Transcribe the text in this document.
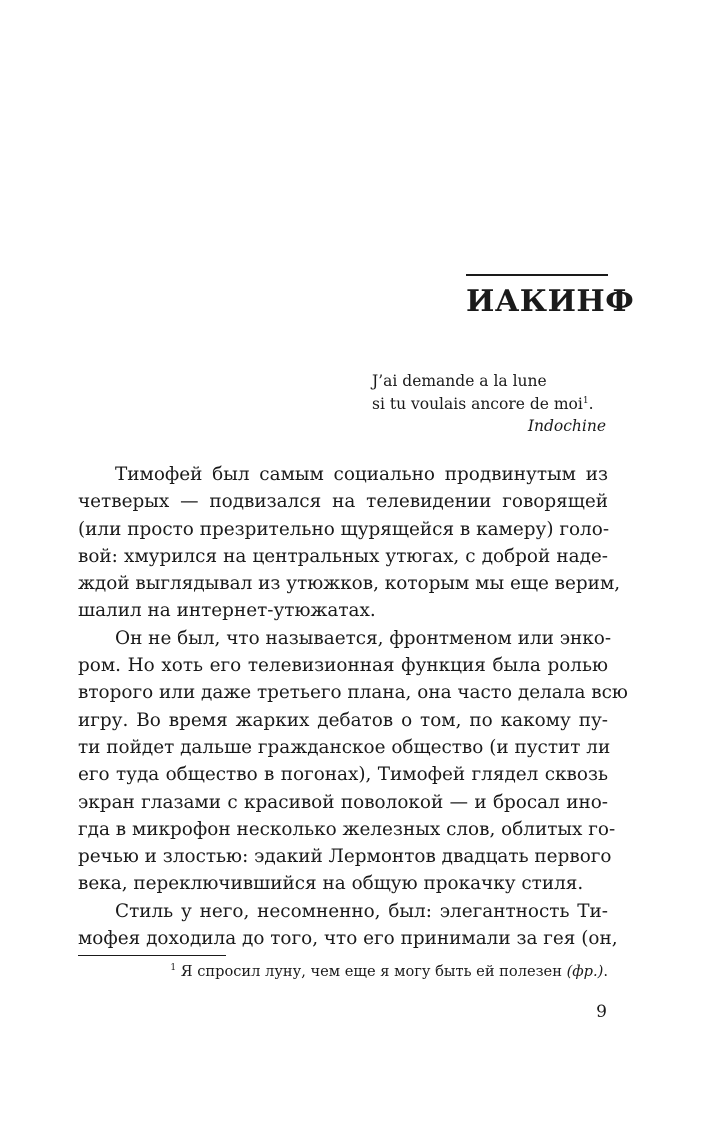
ИАКИНФ
J’ai demande a la lune
si tu voulais ancore de moi$^1$.
Indochine
Тимофей был самым социально продвинутым из
четверых — подвизался на телевидении говорящей
(или просто презрительно щурящейся в камеру) голо-
вой: хмурился на центральных утюгах, с доброй наде-
ждой выглядывал из утюжков, которым мы еще верим,
шалил на интернет-утюжатах.
Он не был, что называется, фронтменом или энко-
ром. Но хоть его телевизионная функция была ролью
второго или даже третьего плана, она часто делала всю
игру. Во время жарких дебатов о том, по какому пу-
ти пойдет дальше гражданское общество (и пустит ли
его туда общество в погонах), Тимофей глядел сквозь
экран глазами с красивой поволокой — и бросал ино-
гда в микрофон несколько железных слов, облитых го-
речью и злостью: эдакий Лермонтов двадцать первого
века, переключившийся на общую прокачку стиля.
Стиль у него, несомненно, был: элегантность Ти-
мофея доходила до того, что его принимали за гея (он,
$^1$ Я спросил луну, чем еще я могу быть ей полезен (фр.).
9
